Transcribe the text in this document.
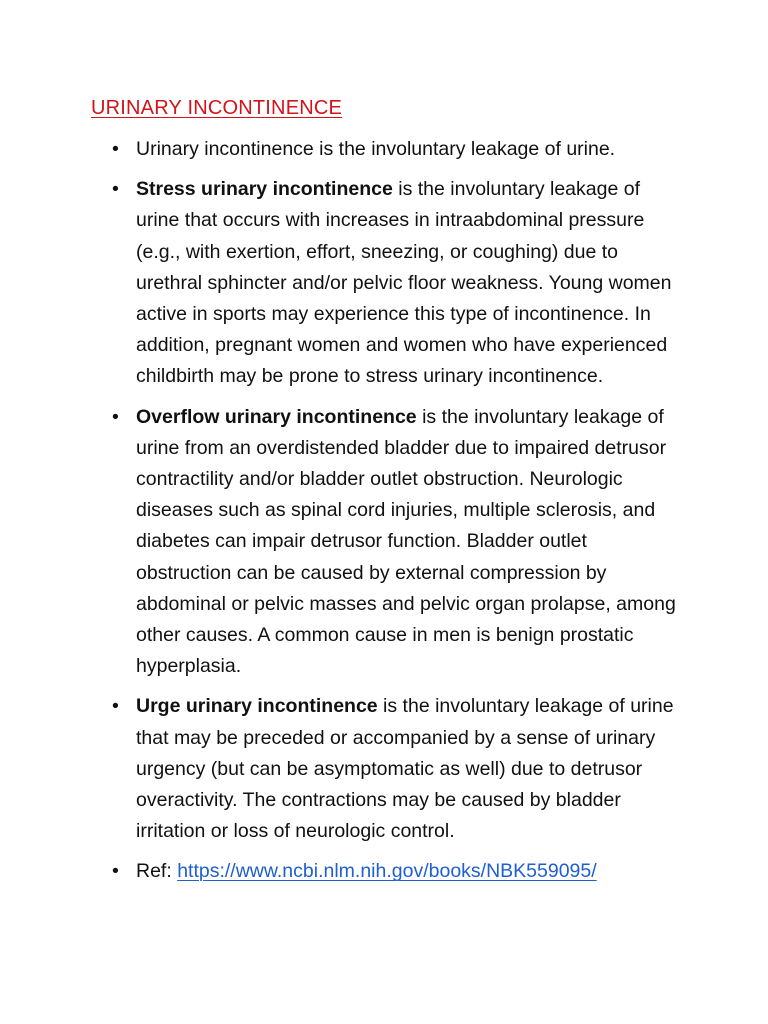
URINARY INCONTINENCE
• Urinary incontinence is the involuntary leakage of urine.
• Stress urinary incontinence is the involuntary leakage of urine that occurs with increases in intraabdominal pressure (e.g., with exertion, effort, sneezing, or coughing) due to urethral sphincter and/or pelvic floor weakness. Young women active in sports may experience this type of incontinence. In addition, pregnant women and women who have experienced childbirth may be prone to stress urinary incontinence.
• Overflow urinary incontinence is the involuntary leakage of urine from an overdistended bladder due to impaired detrusor contractility and/or bladder outlet obstruction. Neurologic diseases such as spinal cord injuries, multiple sclerosis, and diabetes can impair detrusor function. Bladder outlet obstruction can be caused by external compression by abdominal or pelvic masses and pelvic organ prolapse, among other causes. A common cause in men is benign prostatic hyperplasia.
• Urge urinary incontinence is the involuntary leakage of urine that may be preceded or accompanied by a sense of urinary urgency (but can be asymptomatic as well) due to detrusor overactivity. The contractions may be caused by bladder irritation or loss of neurologic control.
• Ref: https://www.ncbi.nlm.nih.gov/books/NBK559095/
